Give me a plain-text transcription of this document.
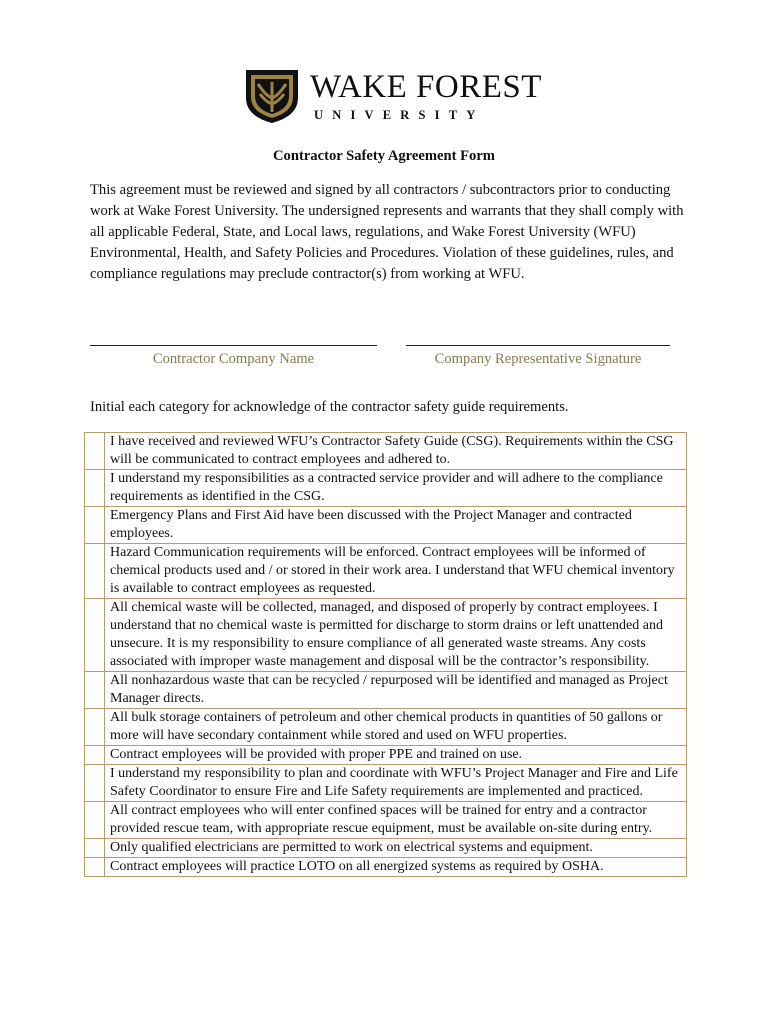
WAKE FOREST
UNIVERSITY
Contractor Safety Agreement Form
This agreement must be reviewed and signed by all contractors / subcontractors prior to conducting work at Wake Forest University. The undersigned represents and warrants that they shall comply with all applicable Federal, State, and Local laws, regulations, and Wake Forest University (WFU) Environmental, Health, and Safety Policies and Procedures. Violation of these guidelines, rules, and compliance regulations may preclude contractor(s) from working at WFU.
Contractor Company Name	Company Representative Signature
Initial each category for acknowledge of the contractor safety guide requirements.
	I have received and reviewed WFU’s Contractor Safety Guide (CSG). Requirements within the CSG will be communicated to contract employees and adhered to.
	I understand my responsibilities as a contracted service provider and will adhere to the compliance requirements as identified in the CSG.
	Emergency Plans and First Aid have been discussed with the Project Manager and contracted employees.
	Hazard Communication requirements will be enforced. Contract employees will be informed of chemical products used and / or stored in their work area. I understand that WFU chemical inventory is available to contract employees as requested.
	All chemical waste will be collected, managed, and disposed of properly by contract employees. I understand that no chemical waste is permitted for discharge to storm drains or left unattended and unsecure. It is my responsibility to ensure compliance of all generated waste streams. Any costs associated with improper waste management and disposal will be the contractor’s responsibility.
	All nonhazardous waste that can be recycled / repurposed will be identified and managed as Project Manager directs.
	All bulk storage containers of petroleum and other chemical products in quantities of 50 gallons or more will have secondary containment while stored and used on WFU properties.
	Contract employees will be provided with proper PPE and trained on use.
	I understand my responsibility to plan and coordinate with WFU’s Project Manager and Fire and Life Safety Coordinator to ensure Fire and Life Safety requirements are implemented and practiced.
	All contract employees who will enter confined spaces will be trained for entry and a contractor provided rescue team, with appropriate rescue equipment, must be available on-site during entry.
	Only qualified electricians are permitted to work on electrical systems and equipment.
	Contract employees will practice LOTO on all energized systems as required by OSHA.
